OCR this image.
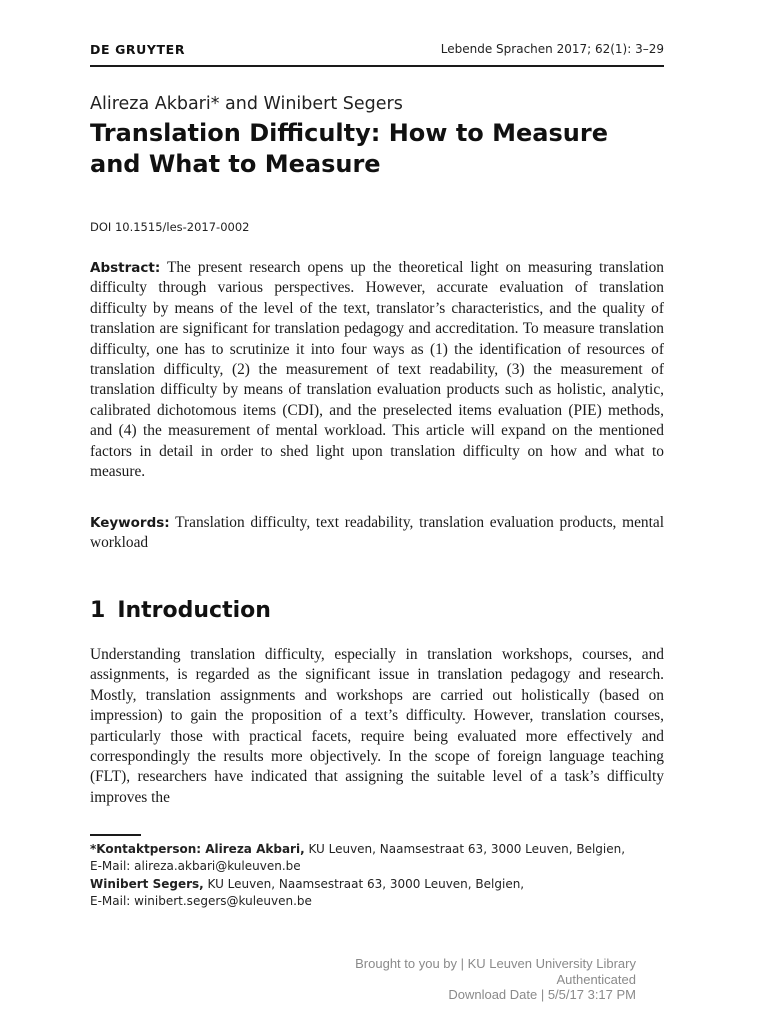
DE GRUYTER	Lebende Sprachen 2017; 62(1): 3–29
Alireza Akbari* and Winibert Segers
Translation Difficulty: How to Measure and What to Measure
DOI 10.1515/les-2017-0002

Abstract: The present research opens up the theoretical light on measuring translation difficulty through various perspectives. However, accurate evaluation of translation difficulty by means of the level of the text, translator’s characteristics, and the quality of translation are significant for translation pedagogy and accreditation. To measure translation difficulty, one has to scrutinize it into four ways as (1) the identification of resources of translation difficulty, (2) the measurement of text readability, (3) the measurement of translation difficulty by means of translation evaluation products such as holistic, analytic, calibrated dichotomous items (CDI), and the preselected items evaluation (PIE) methods, and (4) the measurement of mental workload. This article will expand on the mentioned factors in detail in order to shed light upon translation difficulty on how and what to measure.

Keywords: Translation difficulty, text readability, translation evaluation products, mental workload

1 Introduction

Understanding translation difficulty, especially in translation workshops, courses, and assignments, is regarded as the significant issue in translation pedagogy and research. Mostly, translation assignments and workshops are carried out holistically (based on impression) to gain the proposition of a text’s difficulty. However, translation courses, particularly those with practical facets, require being evaluated more effectively and correspondingly the results more objectively. In the scope of foreign language teaching (FLT), researchers have indicated that assigning the suitable level of a task’s difficulty improves the

*Kontaktperson: Alireza Akbari, KU Leuven, Naamsestraat 63, 3000 Leuven, Belgien,
E-Mail: alireza.akbari@kuleuven.be
Winibert Segers, KU Leuven, Naamsestraat 63, 3000 Leuven, Belgien,
E-Mail: winibert.segers@kuleuven.be
Brought to you by | KU Leuven University Library
Authenticated
Download Date | 5/5/17 3:17 PM
